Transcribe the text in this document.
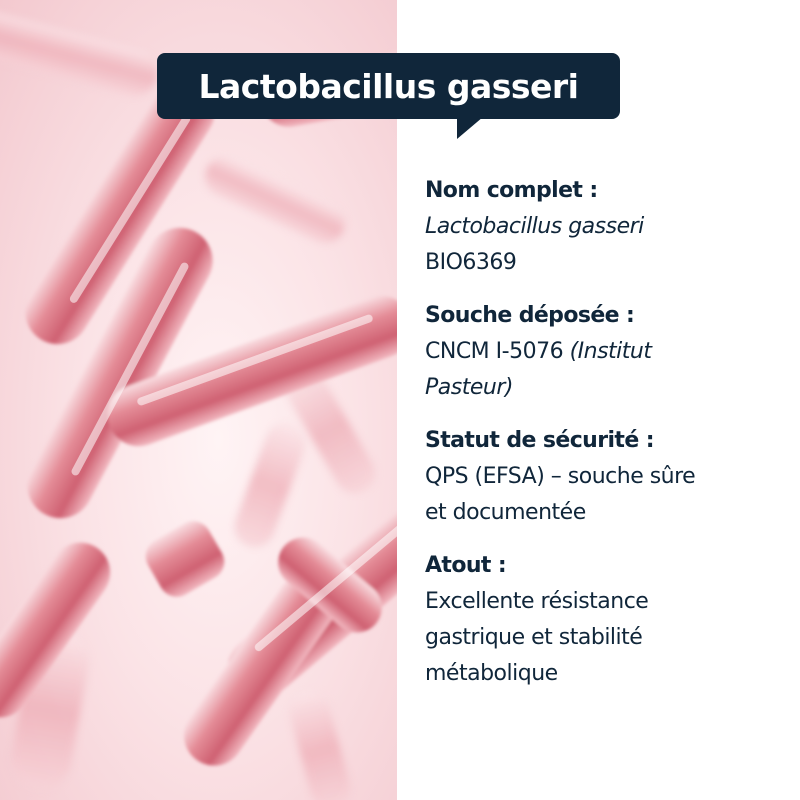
Lactobacillus gasseri
Nom complet :
Lactobacillus gasseri
BIO6369
Souche déposée :
CNCM I-5076 (Institut
Pasteur)
Statut de sécurité :
QPS (EFSA) – souche sûre
et documentée
Atout :
Excellente résistance
gastrique et stabilité
métabolique
